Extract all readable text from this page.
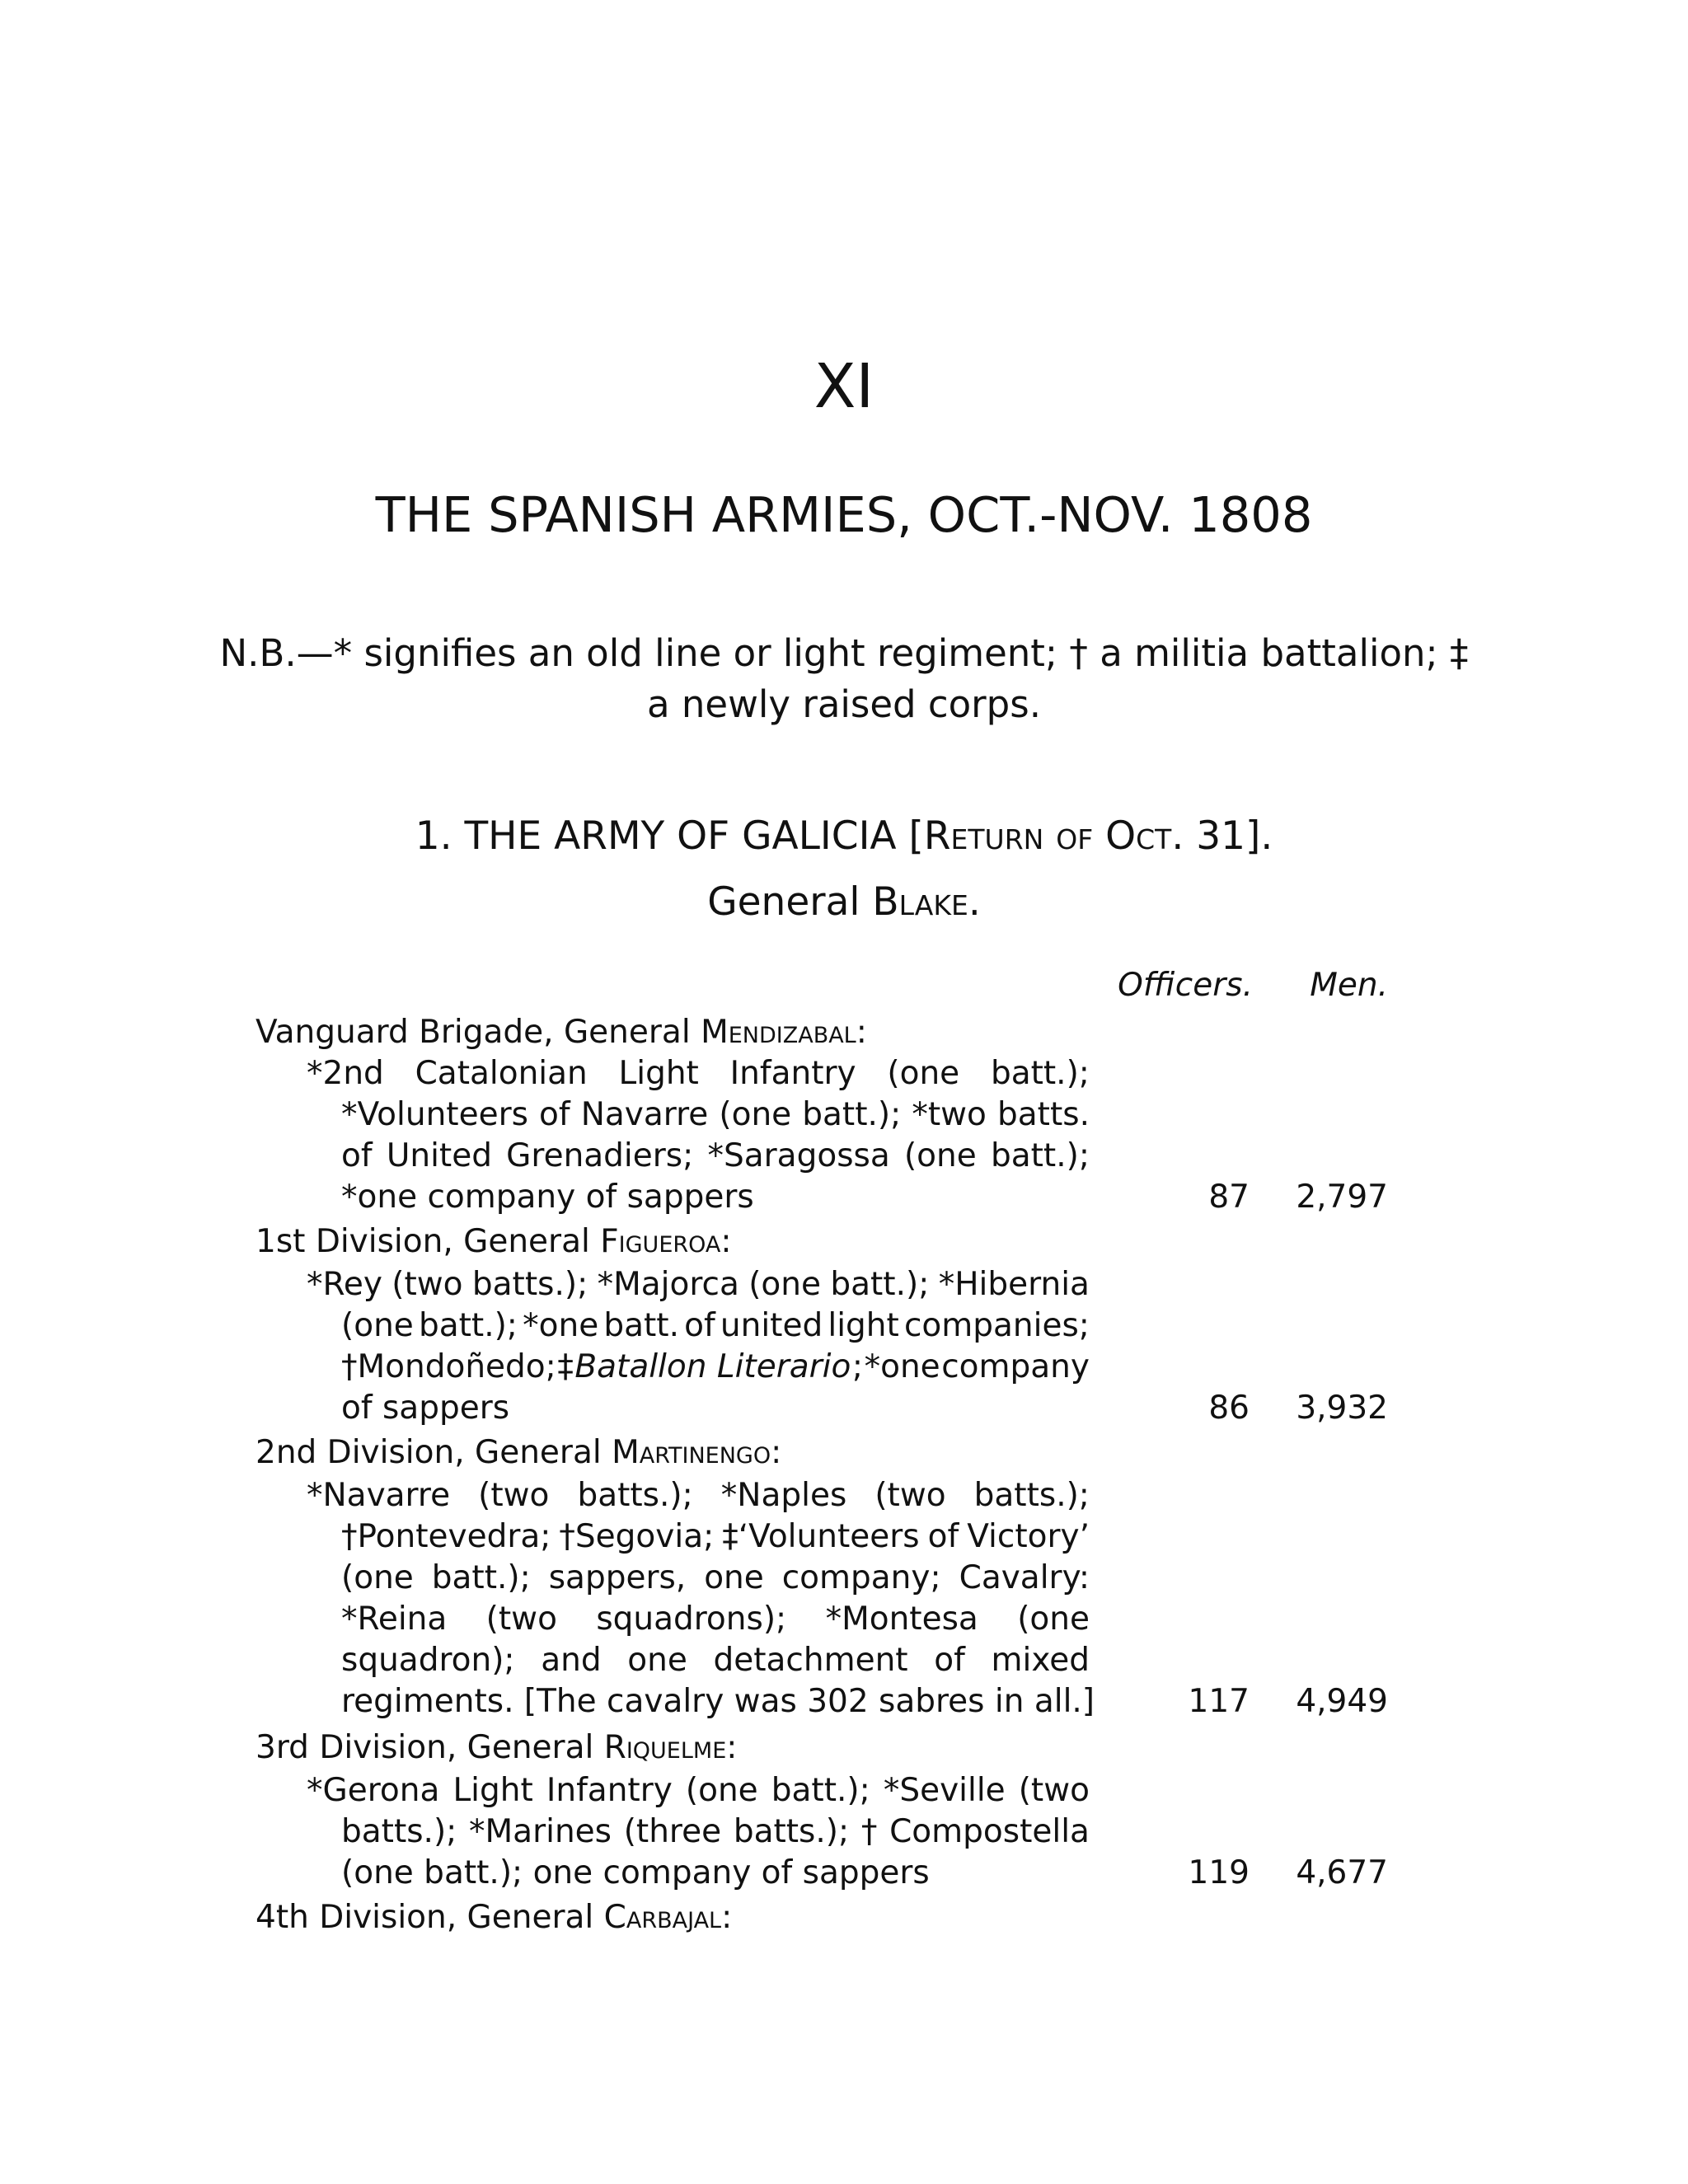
XI
THE SPANISH ARMIES, OCT.-NOV. 1808
N.B.—* signifies an old line or light regiment; † a militia battalion; ‡ a newly raised corps.
1. THE ARMY OF GALICIA [Return of Oct. 31].
General Blake.
Officers.	Men.
Vanguard Brigade, General Mendizabal:
*2nd Catalonian Light Infantry (one batt.);
*Volunteers of Navarre (one batt.); *two batts.
of United Grenadiers; *Saragossa (one batt.);
*one company of sappers	87	2,797
1st Division, General Figueroa:
*Rey (two batts.); *Majorca (one batt.); *Hibernia
(one batt.); *one batt. of united light companies;
†Mondoñedo; ‡ Batallon Literario ; *one company
of sappers	86	3,932
2nd Division, General Martinengo:
*Navarre (two batts.); *Naples (two batts.);
†Pontevedra; †Segovia; ‡‘Volunteers of Victory’
(one batt.); sappers, one company; Cavalry:
*Reina (two squadrons); *Montesa (one
squadron); and one detachment of mixed
regiments. [The cavalry was 302 sabres in all.]	117	4,949
3rd Division, General Riquelme:
*Gerona Light Infantry (one batt.); *Seville (two
batts.); *Marines (three batts.); † Compostella
(one batt.); one company of sappers	119	4,677
4th Division, General Carbajal:
